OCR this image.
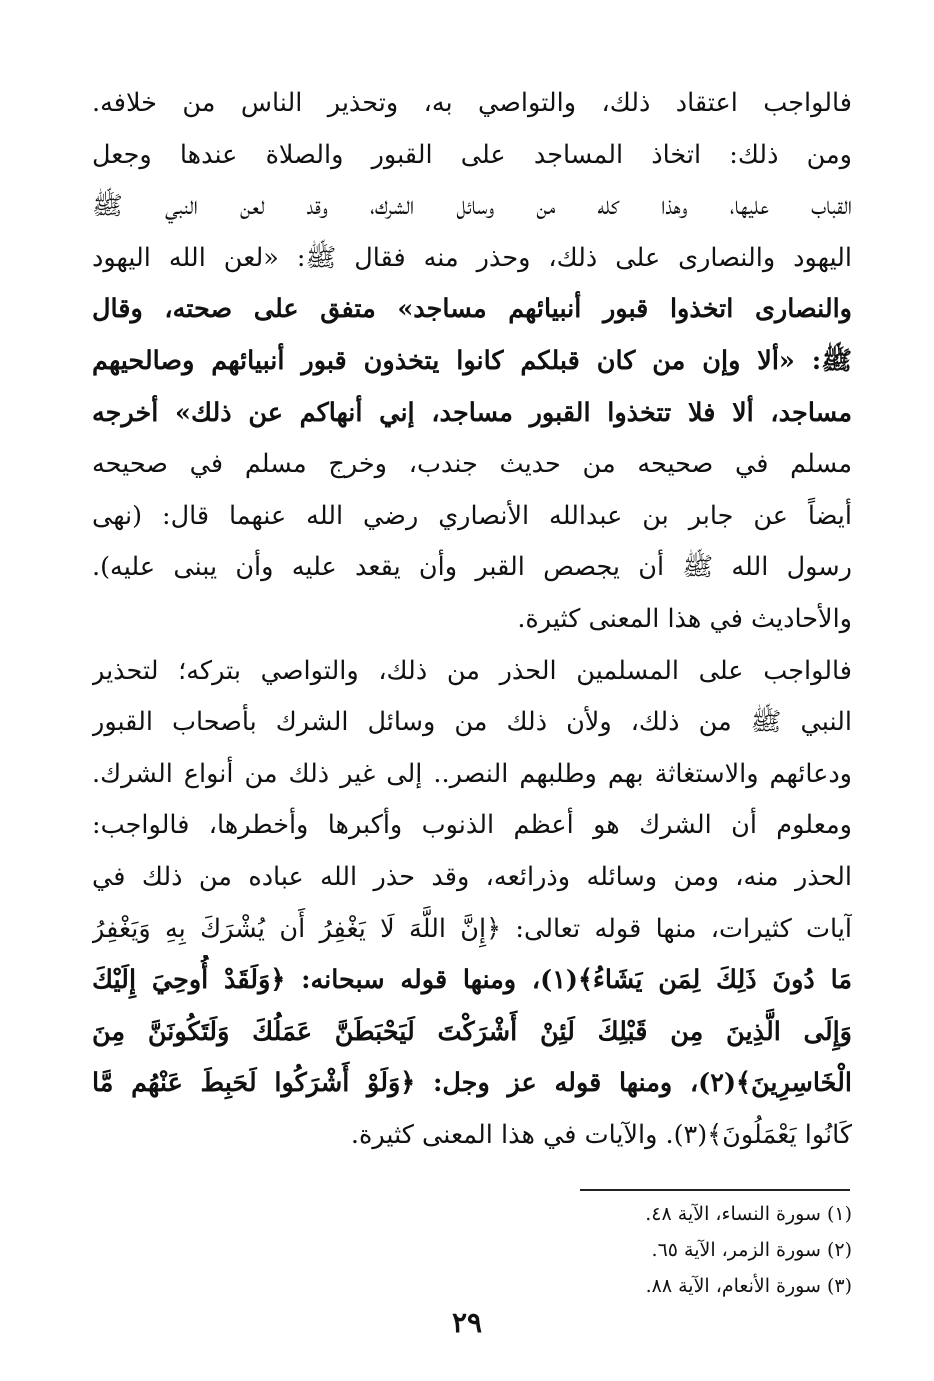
فالواجب اعتقاد ذلك، والتواصي به، وتحذير الناس من خلافه.
ومن ذلك: اتخاذ المساجد على القبور والصلاة عندها وجعل
القباب عليها، وهذا كله من وسائل الشرك، وقد لعن النبي ﷺ
اليهود والنصارى على ذلك، وحذر منه فقال ﷺ: «لعن الله اليهود
والنصارى اتخذوا قبور أنبيائهم مساجد» متفق على صحته، وقال
ﷺ: «ألا وإن من كان قبلكم كانوا يتخذون قبور أنبيائهم وصالحيهم
مساجد، ألا فلا تتخذوا القبور مساجد، إني أنهاكم عن ذلك» أخرجه
مسلم في صحيحه من حديث جندب، وخرج مسلم في صحيحه
أيضاً عن جابر بن عبدالله الأنصاري رضي الله عنهما قال: (نهى
رسول الله ﷺ أن يجصص القبر وأن يقعد عليه وأن يبنى عليه).
والأحاديث في هذا المعنى كثيرة.
فالواجب على المسلمين الحذر من ذلك، والتواصي بتركه؛ لتحذير
النبي ﷺ من ذلك، ولأن ذلك من وسائل الشرك بأصحاب القبور
ودعائهم والاستغاثة بهم وطلبهم النصر.. إلى غير ذلك من أنواع الشرك.
ومعلوم أن الشرك هو أعظم الذنوب وأكبرها وأخطرها، فالواجب:
الحذر منه، ومن وسائله وذرائعه، وقد حذر الله عباده من ذلك في
آيات كثيرات، منها قوله تعالى: ﴿إِنَّ اللَّهَ لَا يَغْفِرُ أَن يُشْرَكَ بِهِ وَيَغْفِرُ
مَا دُونَ ذَلِكَ لِمَن يَشَاءُ﴾(١)، ومنها قوله سبحانه: ﴿وَلَقَدْ أُوحِيَ إِلَيْكَ
وَإِلَى الَّذِينَ مِن قَبْلِكَ لَئِنْ أَشْرَكْتَ لَيَحْبَطَنَّ عَمَلُكَ وَلَتَكُونَنَّ مِنَ
الْخَاسِرِينَ﴾(٢)، ومنها قوله عز وجل: ﴿وَلَوْ أَشْرَكُوا لَحَبِطَ عَنْهُم مَّا
كَانُوا يَعْمَلُونَ﴾(٣). والآيات في هذا المعنى كثيرة.
(١) سورة النساء، الآية ٤٨.
(٢) سورة الزمر، الآية ٦٥.
(٣) سورة الأنعام، الآية ٨٨.
٢٩
